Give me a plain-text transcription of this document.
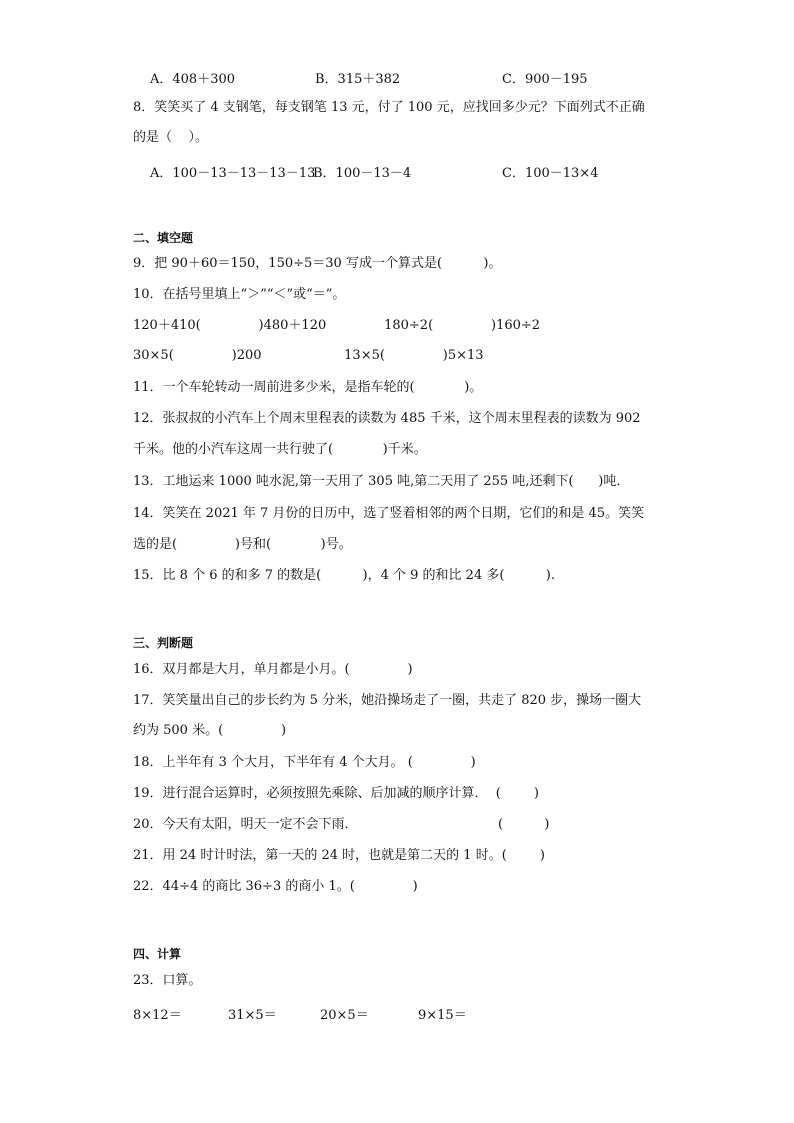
A．408＋300	B．315＋382	C．900－195
8．笑笑买了 4 支钢笔，每支钢笔 13 元，付了 100 元，应找回多少元？下面列式不正确
的是（    ）。
A．100－13－13－13－13
B．100－13－4	C．100－13×4
二、填空题
9．把 90＋60＝150，150÷5＝30 写成一个算式是(          )。
10．在括号里填上“＞”“＜”或“＝”。
120＋410(              )480＋120              180÷2(              )160÷2
30×5(              )200                    13×5(              )5×13
11．一个车轮转动一周前进多少米，是指车轮的(            )。
12．张叔叔的小汽车上个周末里程表的读数为 485 千米，这个周末里程表的读数为 902
千米。他的小汽车这周一共行驶了(            )千米。
13．工地运来 1000 吨水泥,第一天用了 305 吨,第二天用了 255 吨,还剩下(      )吨．
14．笑笑在 2021 年 7 月份的日历中，选了竖着相邻的两个日期，它们的和是 45。笑笑
选的是(              )号和(            )号。
15．比 8 个 6 的和多 7 的数是(          )，4 个 9 的和比 24 多(          ).
三、判断题
16．双月都是大月，单月都是小月。(              )
17．笑笑量出自己的步长约为 5 分米，她沿操场走了一圈，共走了 820 步，操场一圈大
约为 500 米。(              )
18．上半年有 3 个大月，下半年有 4 个大月。 (              )
19．进行混合运算时，必须按照先乘除、后加减的顺序计算．  (        )
20．今天有太阳，明天一定不会下雨．                                  (          )
21．用 24 时计时法，第一天的 24 时，也就是第二天的 1 时。(        )
22．44÷4 的商比 36÷3 的商小 1。(              )
四、计算
23．口算。
8×12＝	31×5＝	20×5＝	9×15＝
